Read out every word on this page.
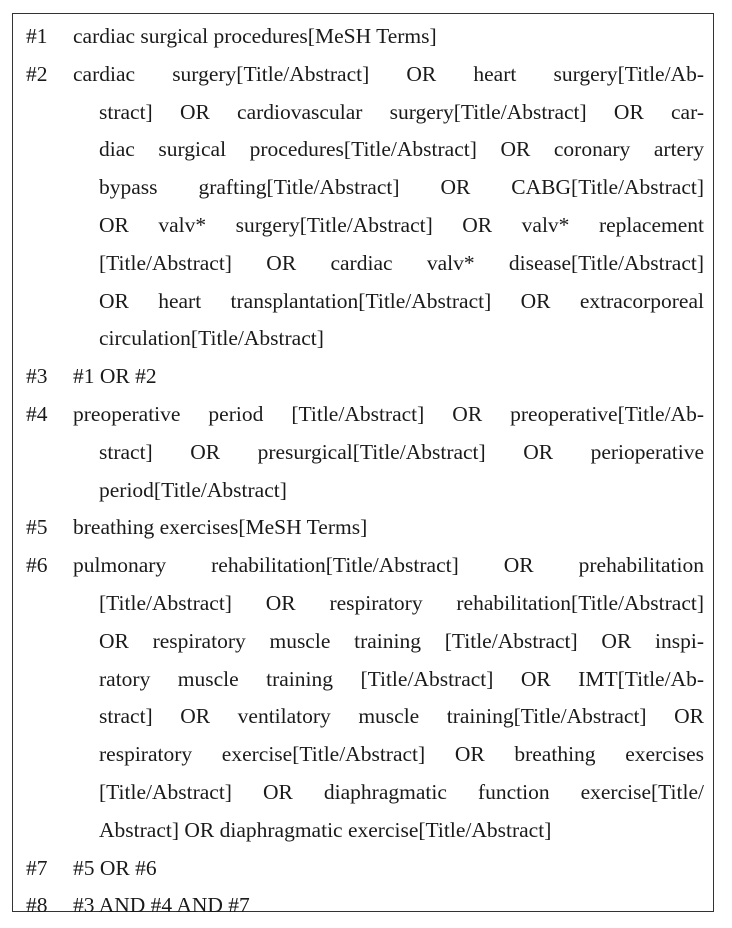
#1	cardiac surgical procedures[MeSH Terms]
#2	cardiac surgery[Title/Abstract] OR heart surgery[Title/Ab-
stract] OR cardiovascular surgery[Title/Abstract] OR car-
diac surgical procedures[Title/Abstract] OR coronary artery
bypass grafting[Title/Abstract] OR CABG[Title/Abstract]
OR valv* surgery[Title/Abstract] OR valv* replacement
[Title/Abstract] OR cardiac valv* disease[Title/Abstract]
OR heart transplantation[Title/Abstract] OR extracorporeal
circulation[Title/Abstract]
#3	#1 OR #2
#4	preoperative period [Title/Abstract] OR preoperative[Title/Ab-
stract] OR presurgical[Title/Abstract] OR perioperative
period[Title/Abstract]
#5	breathing exercises[MeSH Terms]
#6	pulmonary rehabilitation[Title/Abstract] OR prehabilitation
[Title/Abstract] OR respiratory rehabilitation[Title/Abstract]
OR respiratory muscle training [Title/Abstract] OR inspi-
ratory muscle training [Title/Abstract] OR IMT[Title/Ab-
stract] OR ventilatory muscle training[Title/Abstract] OR
respiratory exercise[Title/Abstract] OR breathing exercises
[Title/Abstract] OR diaphragmatic function exercise[Title/
Abstract] OR diaphragmatic exercise[Title/Abstract]
#7	#5 OR #6
#8	#3 AND #4 AND #7
